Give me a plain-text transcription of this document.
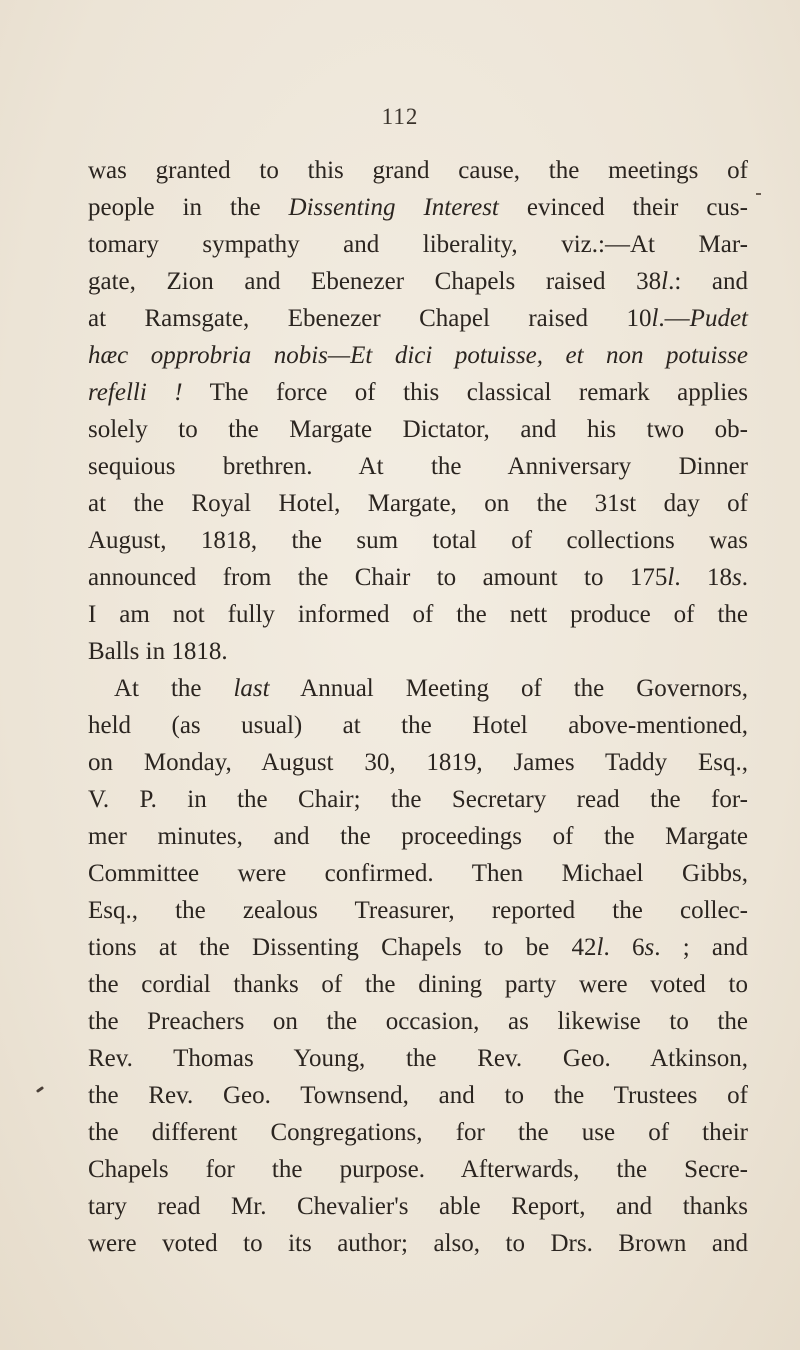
112
was granted to this grand cause, the meetings of
people in the Dissenting Interest evinced their cus-
tomary sympathy and liberality, viz.:—At Mar-
gate, Zion and Ebenezer Chapels raised 38l.: and
at Ramsgate, Ebenezer Chapel raised 10l.—Pudet
hæc opprobria nobis—Et dici potuisse, et non potuisse
refelli ! The force of this classical remark applies
solely to the Margate Dictator, and his two ob-
sequious brethren. At the Anniversary Dinner
at the Royal Hotel, Margate, on the 31st day of
August, 1818, the sum total of collections was
announced from the Chair to amount to 175l. 18s.
I am not fully informed of the nett produce of the
Balls in 1818.
At the last Annual Meeting of the Governors,
held (as usual) at the Hotel above-mentioned,
on Monday, August 30, 1819, James Taddy Esq.,
V. P. in the Chair; the Secretary read the for-
mer minutes, and the proceedings of the Margate
Committee were confirmed. Then Michael Gibbs,
Esq., the zealous Treasurer, reported the collec-
tions at the Dissenting Chapels to be 42l. 6s. ; and
the cordial thanks of the dining party were voted to
the Preachers on the occasion, as likewise to the
Rev. Thomas Young, the Rev. Geo. Atkinson,
the Rev. Geo. Townsend, and to the Trustees of
the different Congregations, for the use of their
Chapels for the purpose. Afterwards, the Secre-
tary read Mr. Chevalier's able Report, and thanks
were voted to its author; also, to Drs. Brown and
